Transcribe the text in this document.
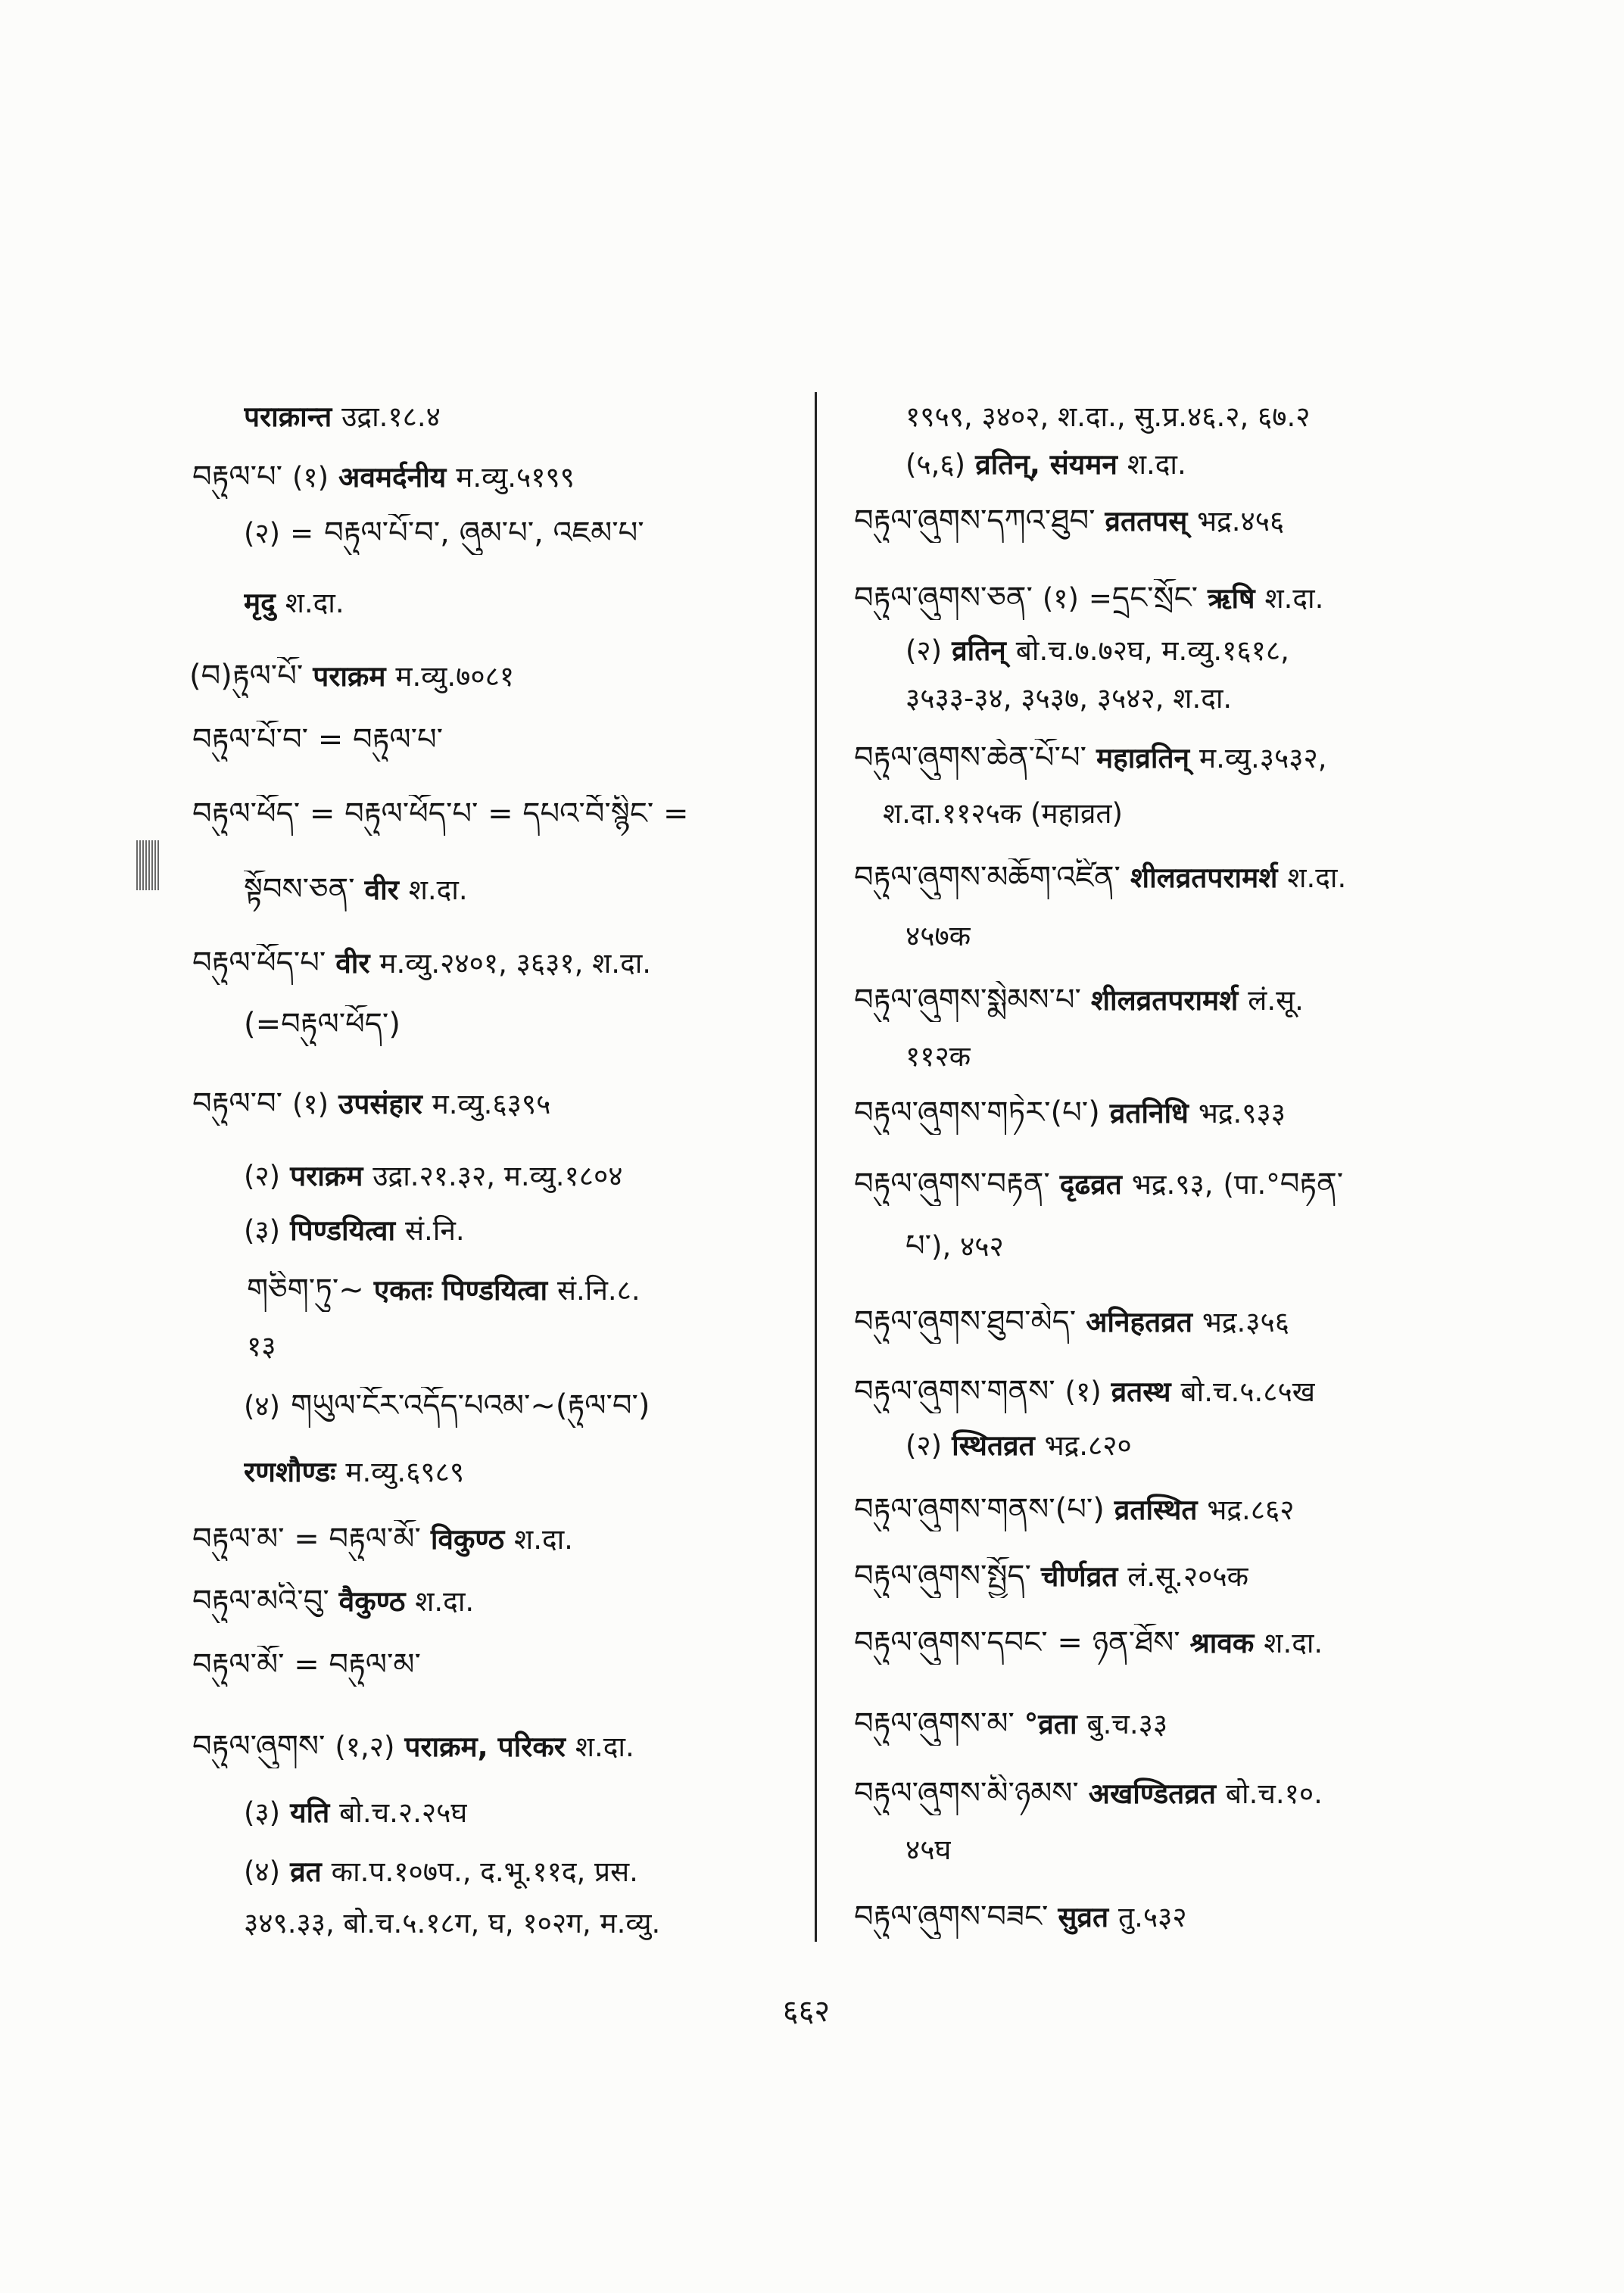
पराक्रान्त उद्रा.१८.४
བརྟུལ་པ་ (१) अवमर्दनीय म.व्यु.५१९९
(२) = བརྟུལ་པོ་བ་, ཞུམ་པ་, འཇམ་པ་
मृदु श.दा.
(བ)རྟུལ་པོ་ पराक्रम म.व्यु.७०८१
བརྟུལ་པོ་བ་ = བརྟུལ་པ་
བརྟུལ་ཕོད་ = བརྟུལ་ཕོད་པ་ = དཔའ་བོ་སྙིང་ =
སྟོབས་ཅན་ वीर श.दा.
བརྟུལ་ཕོད་པ་ वीर म.व्यु.२४०१, ३६३१, श.दा.
(=བརྟུལ་ཕོད་)
བརྟུལ་བ་ (१) उपसंहार म.व्यु.६३९५
(२) पराक्रम उद्रा.२१.३२, म.व्यु.१८०४
(३) पिण्डयित्वा सं.नि.
གཅིག་ཏུ་~ एकतः पिण्डयित्वा सं.नि.८.
१३
(४) གཡུལ་ངོར་འདོད་པའམ་~(རྟུལ་བ་)
रणशौण्डः म.व्यु.६९८९
བརྟུལ་མ་ = བརྟུལ་མོ་ विकुण्ठ श.दा.
བརྟུལ་མའི་བུ་ वैकुण्ठ श.दा.
བརྟུལ་མོ་ = བརྟུལ་མ་
བརྟུལ་ཞུགས་ (१,२) पराक्रम, परिकर श.दा.
(३) यति बो.च.२.२५घ
(४) व्रत का.प.१०७प., द.भू.११द, प्रस.
३४९.३३, बो.च.५.१८ग, घ, १०२ग, म.व्यु.
१९५९, ३४०२, श.दा., सु.प्र.४६.२, ६७.२
(५,६) व्रतिन्, संयमन श.दा.
བརྟུལ་ཞུགས་དཀའ་ཐུབ་ व्रततपस् भद्र.४५६
བརྟུལ་ཞུགས་ཅན་ (१) =དྲང་སྲོང་ ऋषि श.दा.
(२) व्रतिन् बो.च.७.७२घ, म.व्यु.१६१८,
३५३३-३४, ३५३७, ३५४२, श.दा.
བརྟུལ་ཞུགས་ཆེན་པོ་པ་ महाव्रतिन् म.व्यु.३५३२,
श.दा.११२५क (महाव्रत)
བརྟུལ་ཞུགས་མཆོག་འཛིན་ शीलव्रतपरामर्श श.दा.
४५७क
བརྟུལ་ཞུགས་སྨེམས་པ་ शीलव्रतपरामर्श लं.सू.
११२क
བརྟུལ་ཞུགས་གཏེར་(པ་) व्रतनिधि भद्र.९३३
བརྟུལ་ཞུགས་བརྟན་ दृढव्रत भद्र.९३, (पा.°བརྟན་
པ་), ४५२
བརྟུལ་ཞུགས་ཐུབ་མེད་ अनिहतव्रत भद्र.३५६
བརྟུལ་ཞུགས་གནས་ (१) व्रतस्थ बो.च.५.८५ख
(२) स्थितव्रत भद्र.८२०
བརྟུལ་ཞུགས་གནས་(པ་) व्रतस्थित भद्र.८६२
བརྟུལ་ཞུགས་སྤྱོད་ चीर्णव्रत लं.सू.२०५क
བརྟུལ་ཞུགས་དབང་ = ཉན་ཐོས་ श्रावक श.दा.
བརྟུལ་ཞུགས་མ་ °व्रता बु.च.३३
བརྟུལ་ཞུགས་མི་ཉམས་ अखण्डितव्रत बो.च.१०.
४५घ
བརྟུལ་ཞུགས་བཟང་ सुव्रत तु.५३२
६६२
